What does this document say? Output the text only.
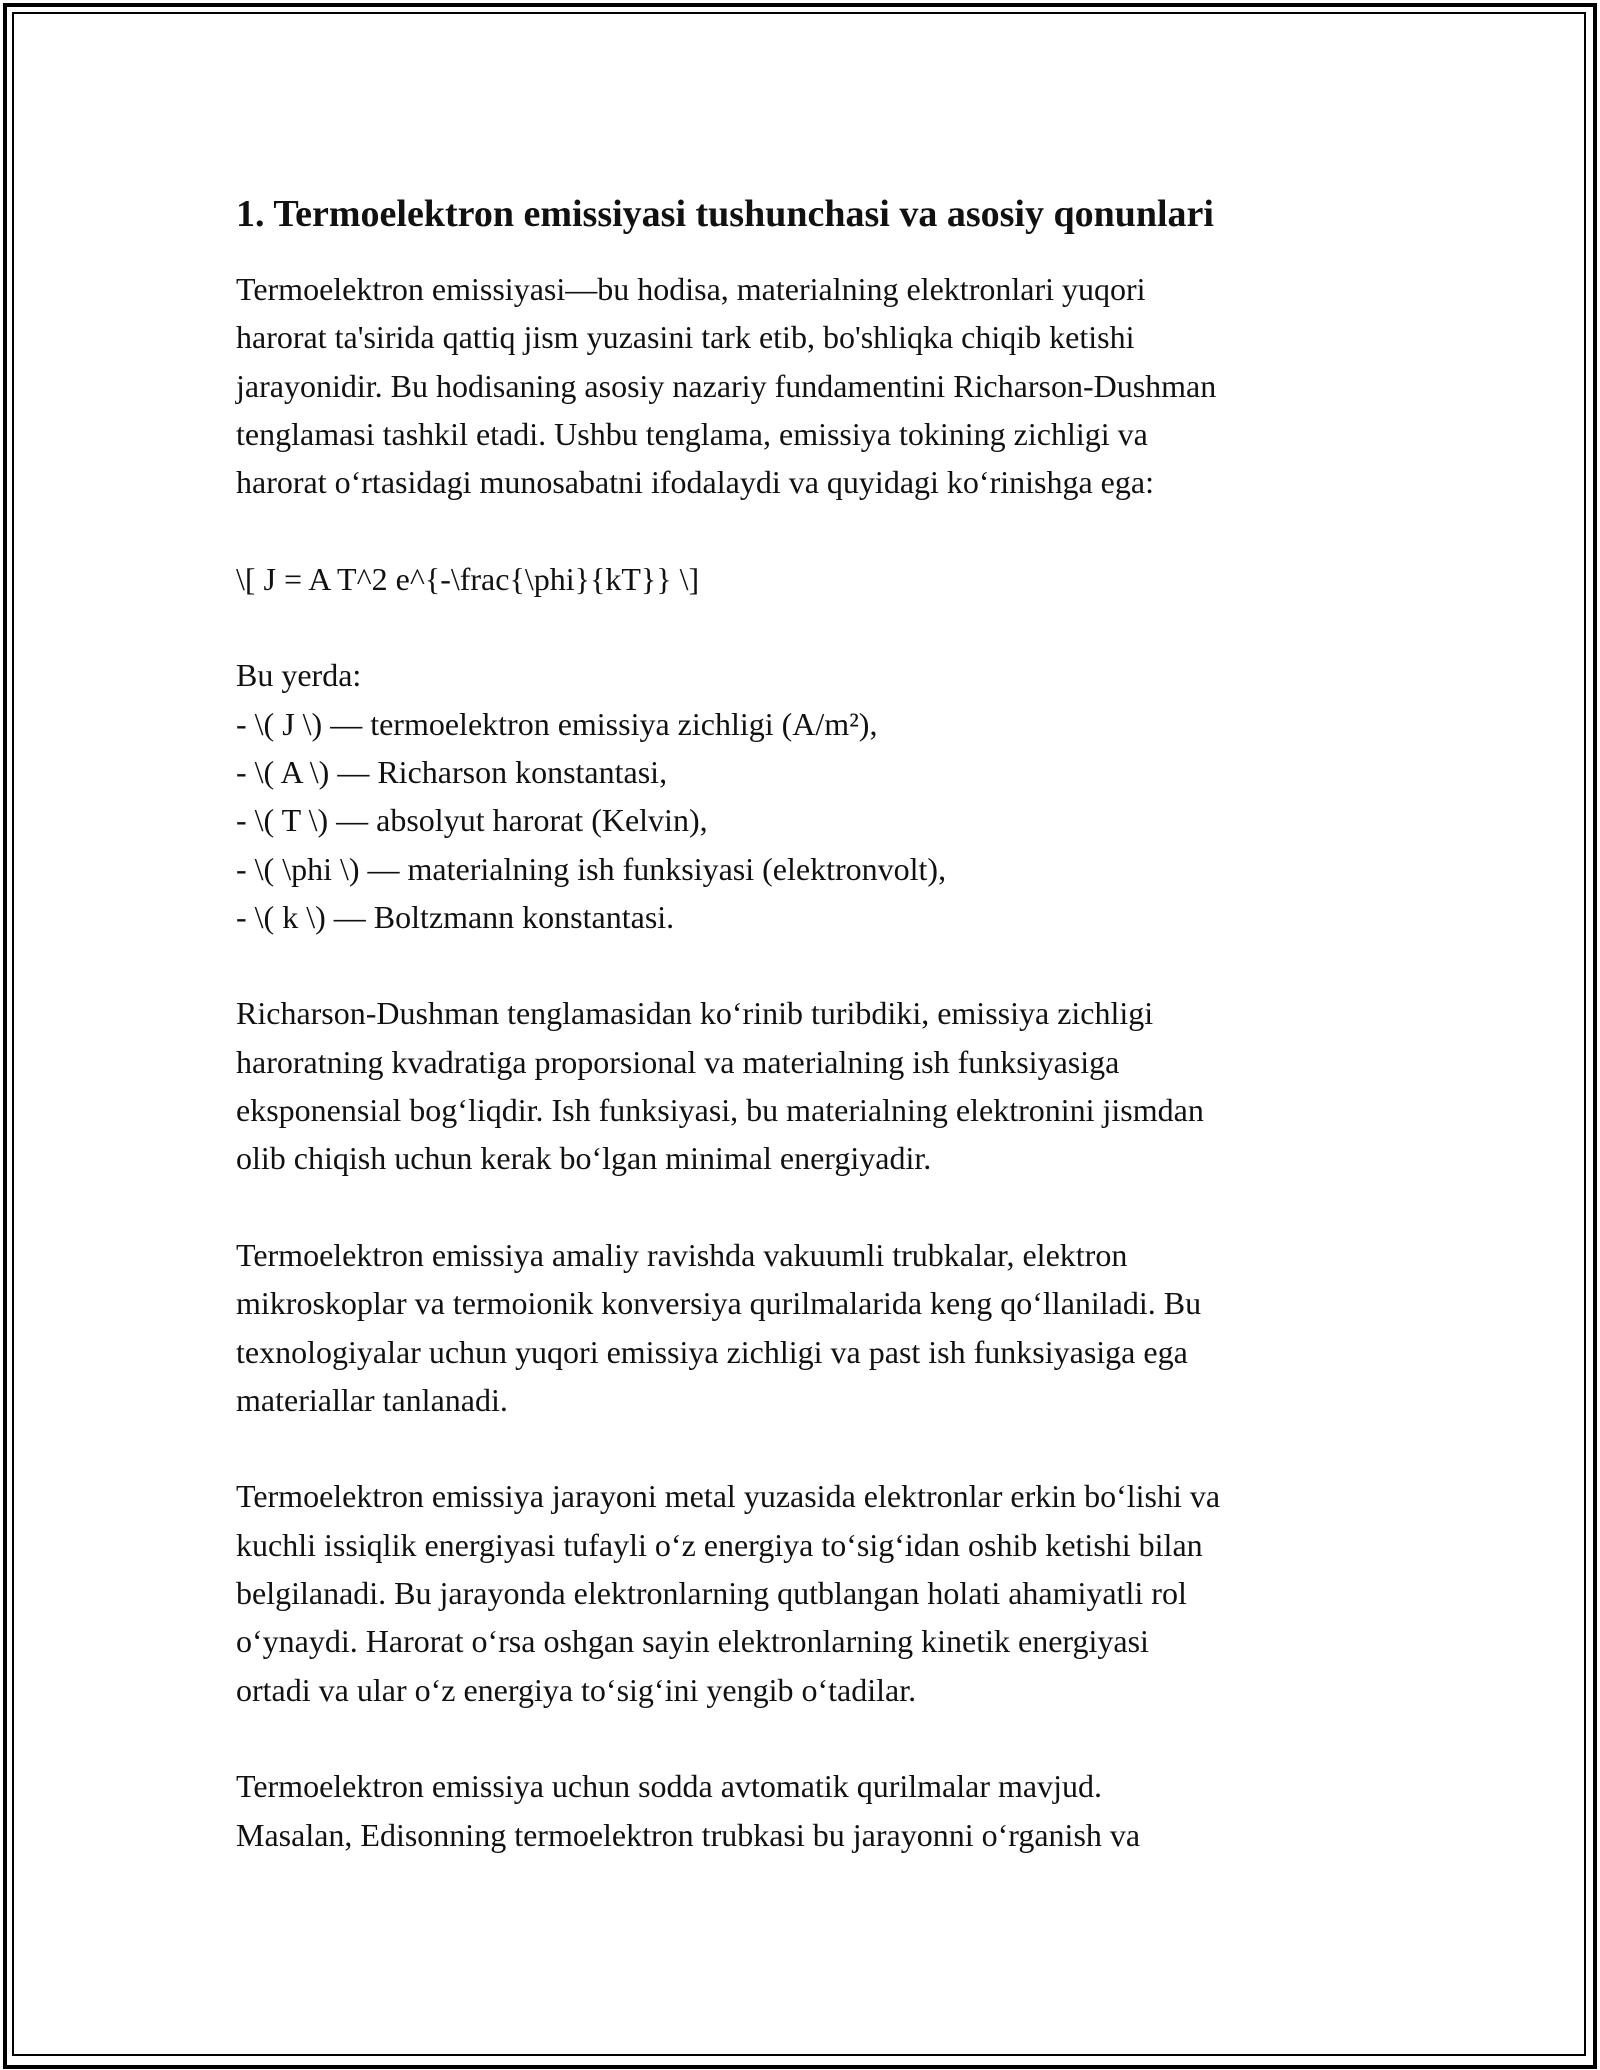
1. Termoelektron emissiyasi tushunchasi va asosiy qonunlari
Termoelektron emissiyasi—bu hodisa, materialning elektronlari yuqori
harorat ta'sirida qattiq jism yuzasini tark etib, bo'shliqka chiqib ketishi
jarayonidir. Bu hodisaning asosiy nazariy fundamentini Richarson-Dushman
tenglamasi tashkil etadi. Ushbu tenglama, emissiya tokining zichligi va
harorat o‘rtasidagi munosabatni ifodalaydi va quyidagi ko‘rinishga ega:
\[ J = A T^2 e^{-\frac{\phi}{kT}} \]
Bu yerda:
- \( J \) — termoelektron emissiya zichligi (A/m²),
- \( A \) — Richarson konstantasi,
- \( T \) — absolyut harorat (Kelvin),
- \( \phi \) — materialning ish funksiyasi (elektronvolt),
- \( k \) — Boltzmann konstantasi.
Richarson-Dushman tenglamasidan ko‘rinib turibdiki, emissiya zichligi
haroratning kvadratiga proporsional va materialning ish funksiyasiga
eksponensial bog‘liqdir. Ish funksiyasi, bu materialning elektronini jismdan
olib chiqish uchun kerak bo‘lgan minimal energiyadir.
Termoelektron emissiya amaliy ravishda vakuumli trubkalar, elektron
mikroskoplar va termoionik konversiya qurilmalarida keng qo‘llaniladi. Bu
texnologiyalar uchun yuqori emissiya zichligi va past ish funksiyasiga ega
materiallar tanlanadi.
Termoelektron emissiya jarayoni metal yuzasida elektronlar erkin bo‘lishi va
kuchli issiqlik energiyasi tufayli o‘z energiya to‘sig‘idan oshib ketishi bilan
belgilanadi. Bu jarayonda elektronlarning qutblangan holati ahamiyatli rol
o‘ynaydi. Harorat o‘rsa oshgan sayin elektronlarning kinetik energiyasi
ortadi va ular o‘z energiya to‘sig‘ini yengib o‘tadilar.
Termoelektron emissiya uchun sodda avtomatik qurilmalar mavjud.
Masalan, Edisonning termoelektron trubkasi bu jarayonni o‘rganish va
